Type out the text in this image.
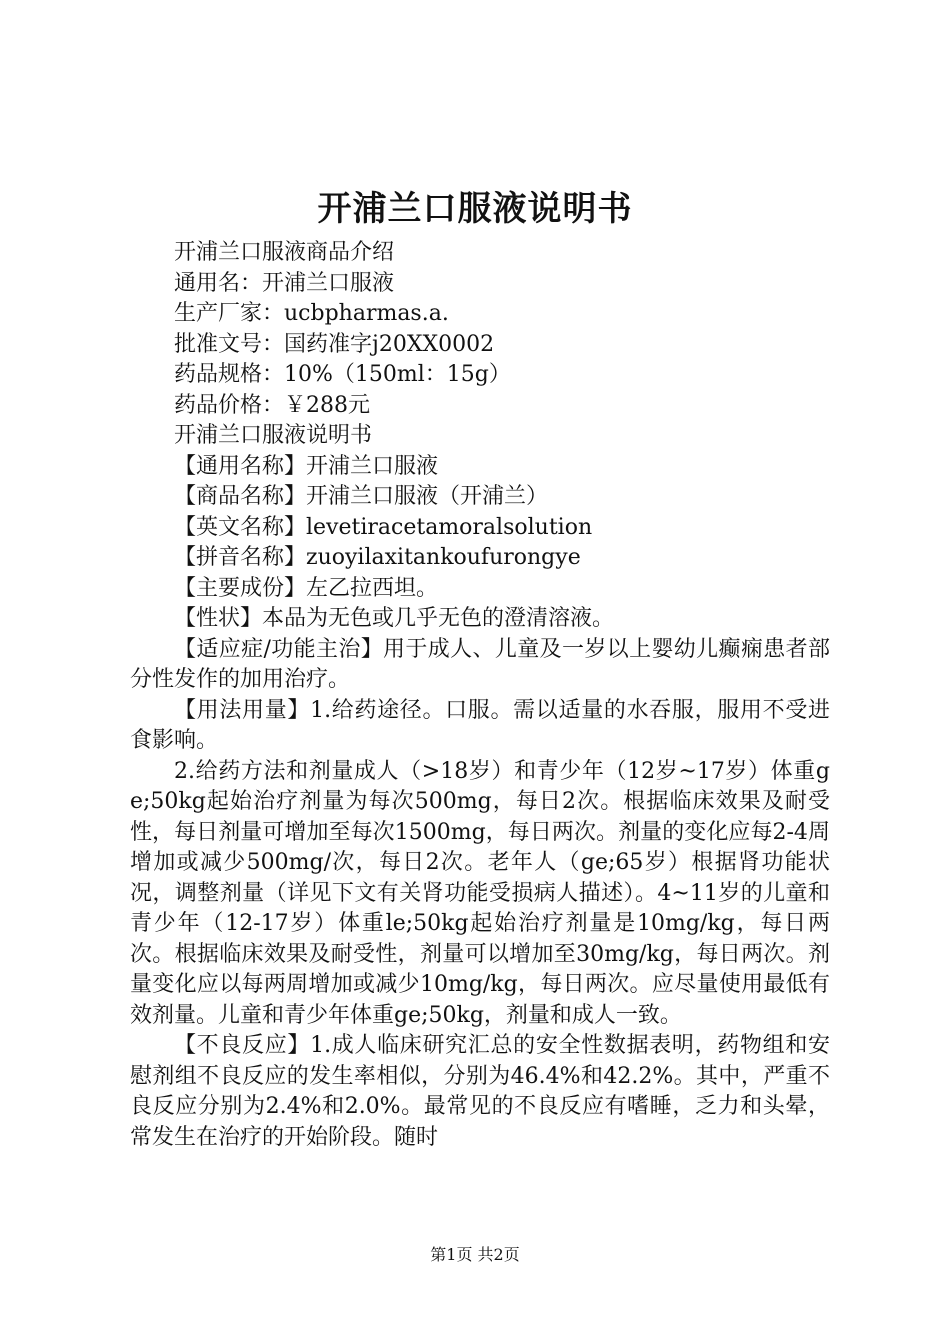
开浦兰口服液说明书

开浦兰口服液商品介绍

通用名：开浦兰口服液

生产厂家：ucbpharmas.a.

批准文号：国药准字j20XX0002

药品规格：10%（150ml：15g）

药品价格：￥288元

开浦兰口服液说明书

【通用名称】开浦兰口服液

【商品名称】开浦兰口服液（开浦兰）

【英文名称】levetiracetamoralsolution

【拼音名称】zuoyilaxitankoufurongye

【主要成份】左乙拉西坦。

【性状】本品为无色或几乎无色的澄清溶液。

【适应症/功能主治】用于成人、儿童及一岁以上婴幼儿癫痫患者部分性发作的加用治疗。

【用法用量】1.给药途径。口服。需以适量的水吞服，服用不受进食影响。

2.给药方法和剂量成人（>18岁）和青少年（12岁~17岁）体重ge;50kg起始治疗剂量为每次500mg，每日2次。根据临床效果及耐受性，每日剂量可增加至每次1500mg，每日两次。剂量的变化应每2-4周增加或减少500mg/次，每日2次。老年人（ge;65岁）根据肾功能状况，调整剂量（详见下文有关肾功能受损病人描述）。4~11岁的儿童和青少年（12-17岁）体重le;50kg起始治疗剂量是10mg/kg，每日两次。根据临床效果及耐受性，剂量可以增加至30mg/kg，每日两次。剂量变化应以每两周增加或减少10mg/kg，每日两次。应尽量使用最低有效剂量。儿童和青少年体重ge;50kg，剂量和成人一致。

【不良反应】1.成人临床研究汇总的安全性数据表明，药物组和安慰剂组不良反应的发生率相似，分别为46.4%和42.2%。其中，严重不良反应分别为2.4%和2.0%。最常见的不良反应有嗜睡，乏力和头晕，常发生在治疗的开始阶段。随时

第1页 共2页
